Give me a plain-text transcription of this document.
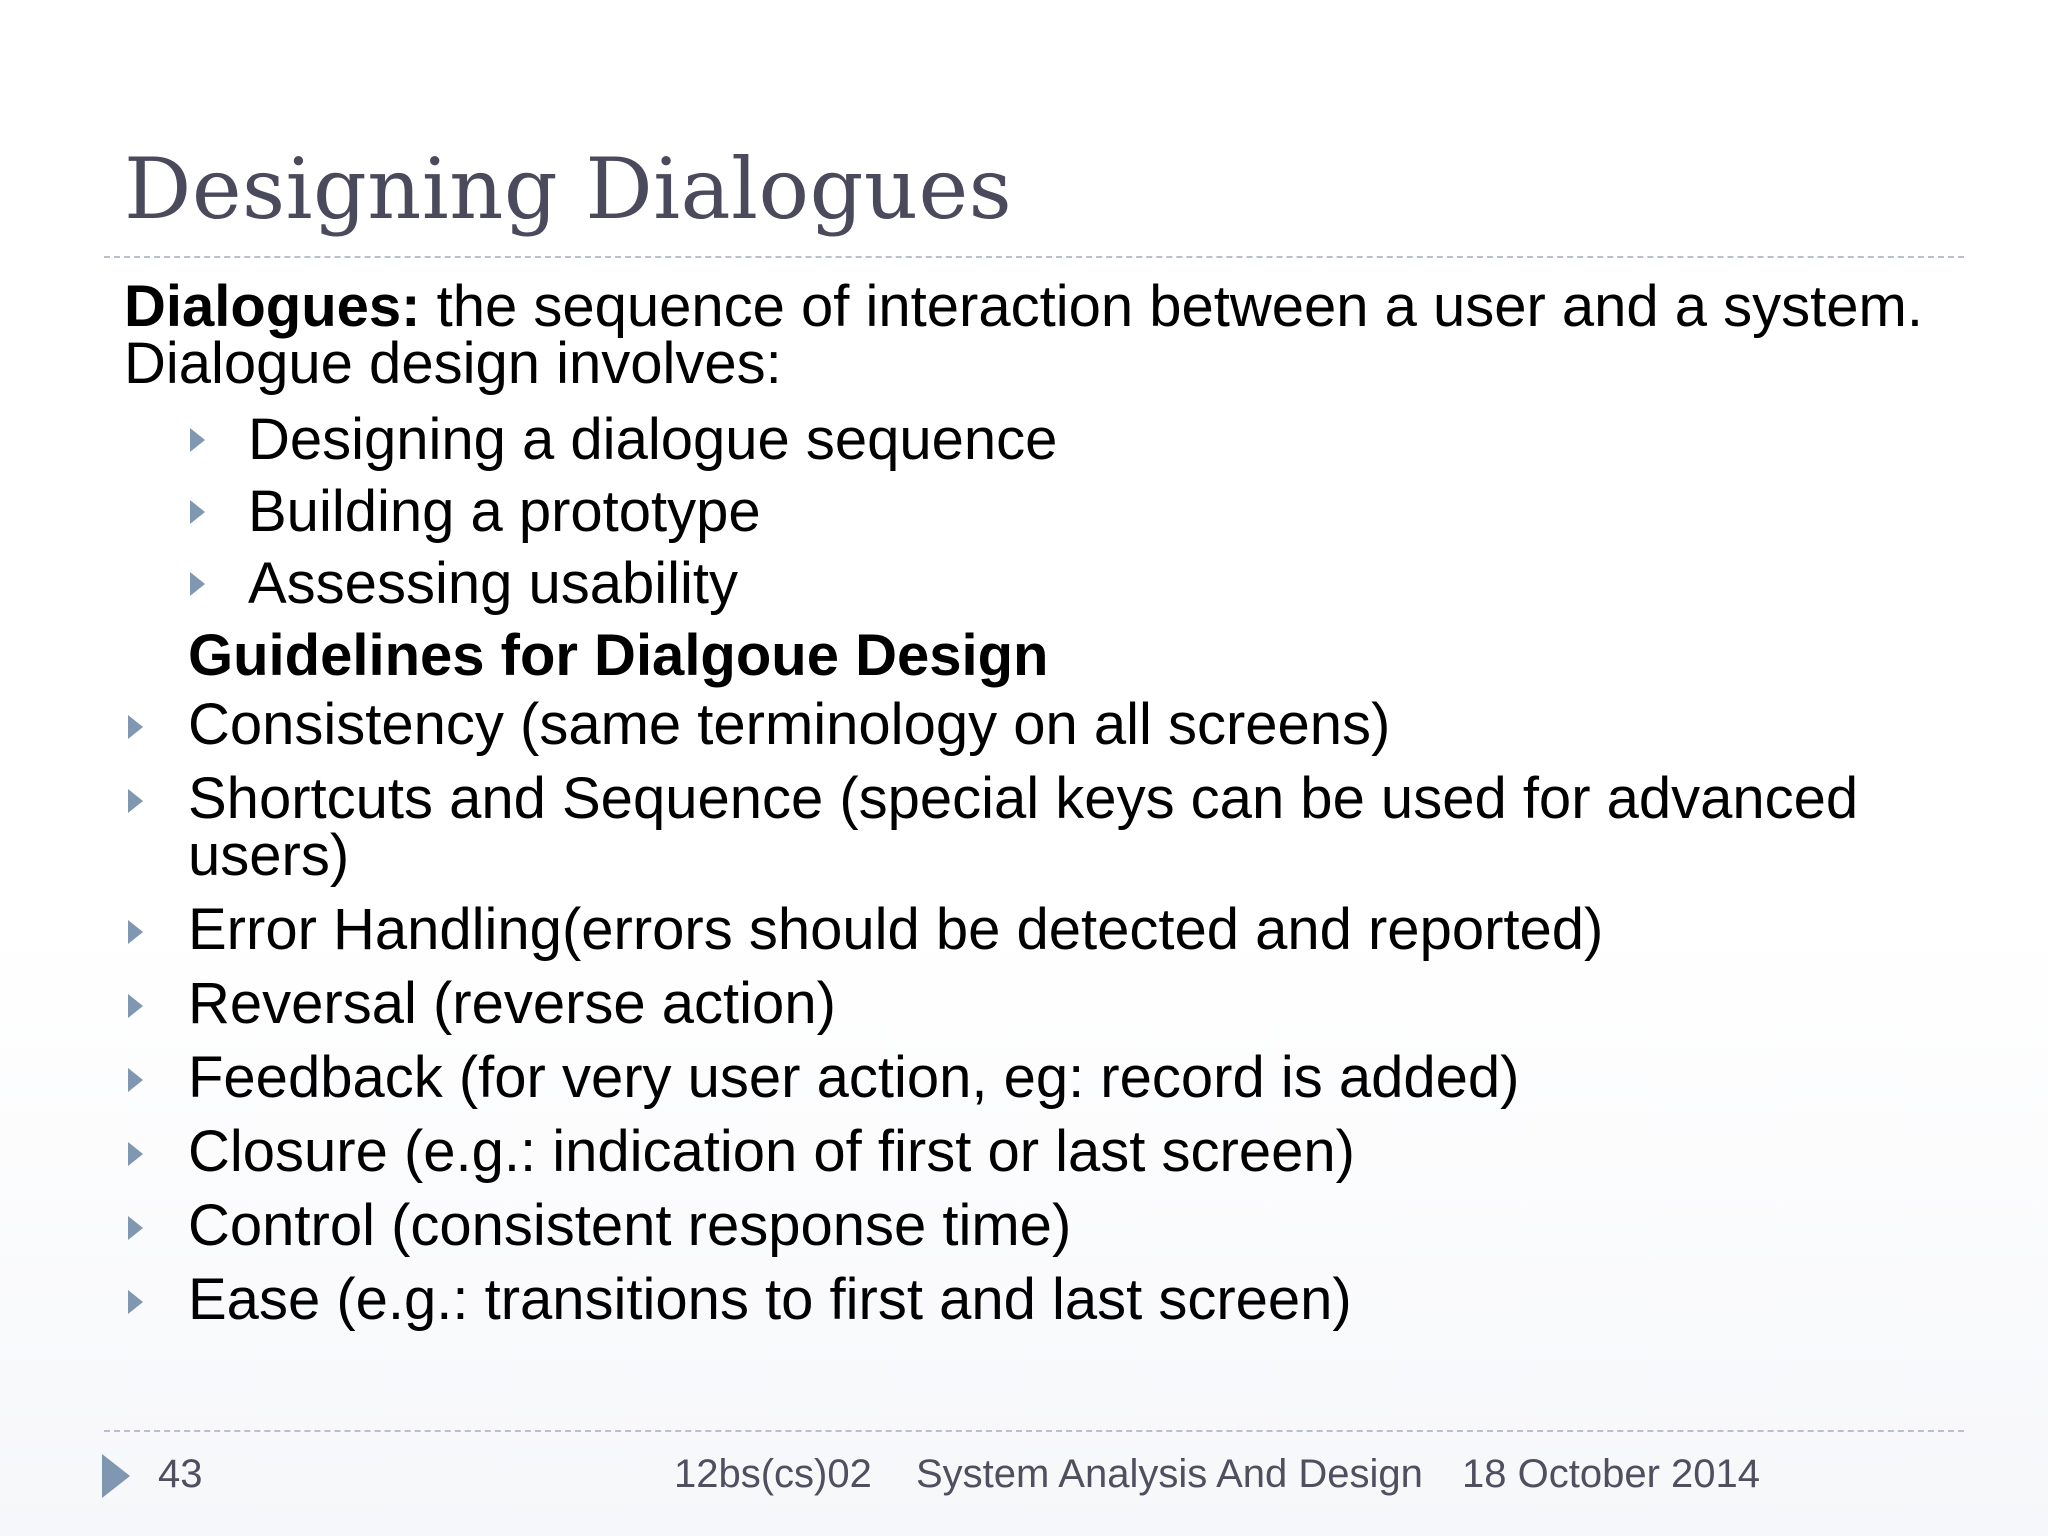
Designing Dialogues

Dialogues: the sequence of interaction between a user and a system. Dialogue design involves:

Designing a dialogue sequence
Building a prototype
Assessing usability
Guidelines for Dialgoue Design
Consistency (same terminology on all screens)
Shortcuts and Sequence (special keys can be used for advanced users)
Error Handling(errors should be detected and reported)
Reversal (reverse action)
Feedback (for very user action, eg: record is added)
Closure (e.g.: indication of first or last screen)
Control (consistent response time)
Ease (e.g.: transitions to first and last screen)
43	12bs(cs)02 System Analysis And Design 18 October 2014
